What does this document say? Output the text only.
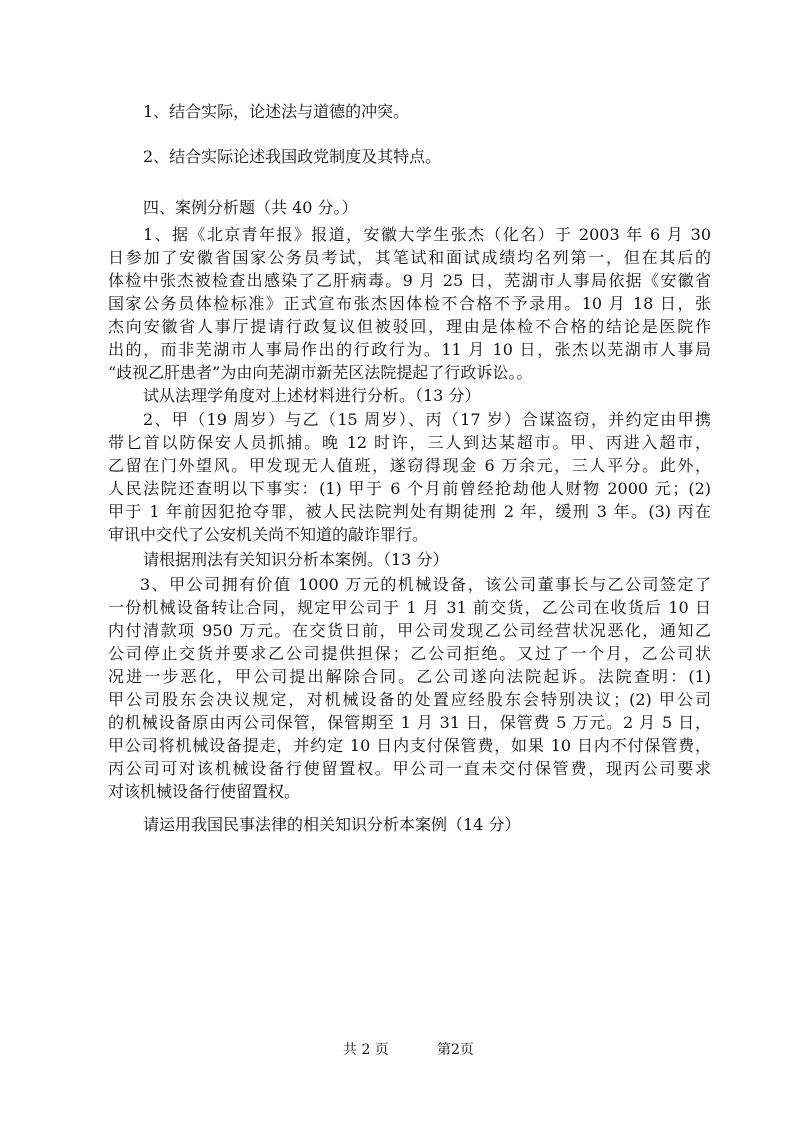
1、结合实际，论述法与道德的冲突。
2、结合实际论述我国政党制度及其特点。
四、案例分析题（共 40 分。）
1、据《北京青年报》报道，安徽大学生张杰（化名）于 2003 年 6 月 30
日参加了安徽省国家公务员考试，其笔试和面试成绩均名列第一，但在其后的
体检中张杰被检查出感染了乙肝病毒。9 月 25 日，芜湖市人事局依据《安徽省
国家公务员体检标准》正式宣布张杰因体检不合格不予录用。10 月 18 日，张
杰向安徽省人事厅提请行政复议但被驳回，理由是体检不合格的结论是医院作
出的，而非芜湖市人事局作出的行政行为。11 月 10 日，张杰以芜湖市人事局
“歧视乙肝患者”为由向芜湖市新芜区法院提起了行政诉讼。。
试从法理学角度对上述材料进行分析。（13 分）
2、甲（19 周岁）与乙（15 周岁）、丙（17 岁）合谋盗窃，并约定由甲携
带匕首以防保安人员抓捕。晚 12 时许，三人到达某超市。甲、丙进入超市，
乙留在门外望风。甲发现无人值班，遂窃得现金 6 万余元，三人平分。此外，
人民法院还查明以下事实：(1) 甲于 6 个月前曾经抢劫他人财物 2000 元；(2)
甲于 1 年前因犯抢夺罪，被人民法院判处有期徒刑 2 年，缓刑 3 年。(3) 丙在
审讯中交代了公安机关尚不知道的敲诈罪行。
请根据刑法有关知识分析本案例。（13 分）
3、甲公司拥有价值 1000 万元的机械设备，该公司董事长与乙公司签定了
一份机械设备转让合同，规定甲公司于 1 月 31 前交货，乙公司在收货后 10 日
内付清款项 950 万元。在交货日前，甲公司发现乙公司经营状况恶化，通知乙
公司停止交货并要求乙公司提供担保；乙公司拒绝。又过了一个月，乙公司状
况进一步恶化，甲公司提出解除合同。乙公司遂向法院起诉。法院查明：(1)
甲公司股东会决议规定，对机械设备的处置应经股东会特别决议；(2) 甲公司
的机械设备原由丙公司保管，保管期至 1 月 31 日，保管费 5 万元。2 月 5 日，
甲公司将机械设备提走，并约定 10 日内支付保管费，如果 10 日内不付保管费，
丙公司可对该机械设备行使留置权。甲公司一直未交付保管费，现丙公司要求
对该机械设备行使留置权。
请运用我国民事法律的相关知识分析本案例（14 分）
共 2 页	第2页
